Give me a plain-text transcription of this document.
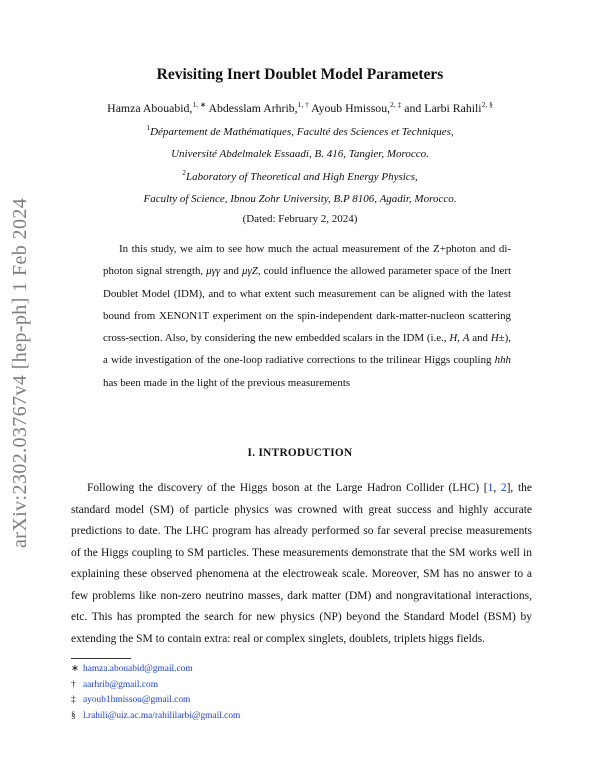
arXiv:2302.03767v4 [hep-ph] 1 Feb 2024
Revisiting Inert Doublet Model Parameters
Hamza Abouabid,$^{1, ∗}$ Abdesslam Arhrib,$^{1, \dagger}$ Ayoub Hmissou,$^{2, \ddagger}$ and Larbi Rahili$^{2, \S}$
$^1$Département de Mathématiques, Faculté des Sciences et Techniques,
Université Abdelmalek Essaadi, B. 416, Tangier, Morocco.
$^2$Laboratory of Theoretical and High Energy Physics,
Faculty of Science, Ibnou Zohr University, B.P 8106, Agadir, Morocco.
(Dated: February 2, 2024)
In this study, we aim to see how much the actual measurement of the Z+photon and di-photon signal strength, μγγ and μγZ, could influence the allowed parameter space of the Inert Doublet Model (IDM), and to what extent such measurement can be aligned with the latest bound from XENON1T experiment on the spin-independent dark-matter-nucleon scattering cross-section. Also, by considering the new embedded scalars in the IDM (i.e., H, A and H±), a wide investigation of the one-loop radiative corrections to the trilinear Higgs coupling hhh has been made in the light of the previous measurements
I. INTRODUCTION
Following the discovery of the Higgs boson at the Large Hadron Collider (LHC) [1, 2], the standard model (SM) of particle physics was crowned with great success and highly accurate predictions to date. The LHC program has already performed so far several precise measurements of the Higgs coupling to SM particles. These measurements demonstrate that the SM works well in explaining these observed phenomena at the electroweak scale. Moreover, SM has no answer to a few problems like non-zero neutrino masses, dark matter (DM) and nongravitational interactions, etc. This has prompted the search for new physics (NP) beyond the Standard Model (BSM) by extending the SM to contain extra: real or complex singlets, doublets, triplets higgs fields.
∗ hamza.abouabid@gmail.com
† aarhrib@gmail.com
‡ ayoub1hmissou@gmail.com
§ l.rahili@uiz.ac.ma/rahililarbi@gmail.com
